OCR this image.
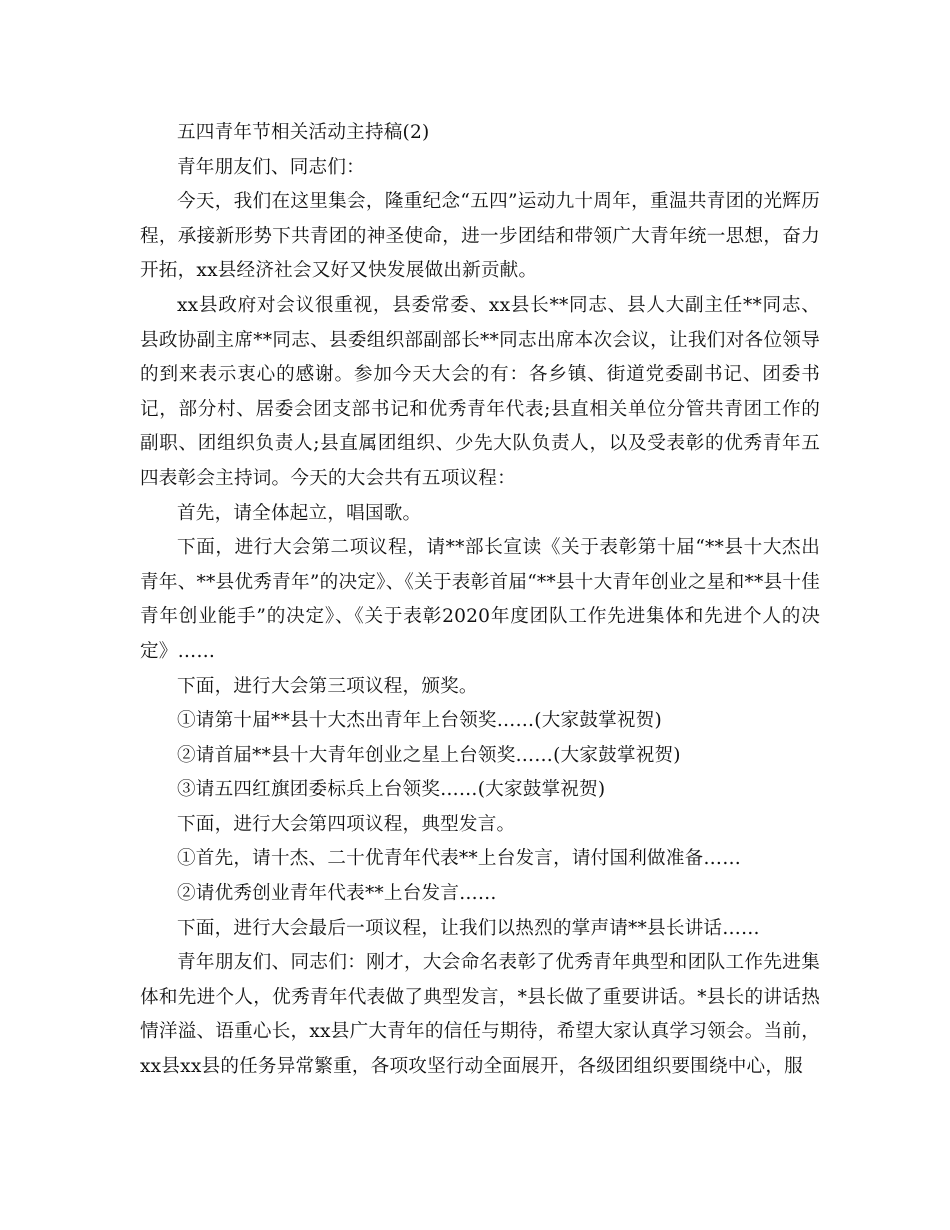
五四青年节相关活动主持稿(2)

青年朋友们、同志们：

今天，我们在这里集会，隆重纪念“五四”运动九十周年，重温共青团的光辉历程，承接新形势下共青团的神圣使命，进一步团结和带领广大青年统一思想，奋力开拓，xx县经济社会又好又快发展做出新贡献。

xx县政府对会议很重视，县委常委、xx县长**同志、县人大副主任**同志、县政协副主席**同志、县委组织部副部长**同志出席本次会议，让我们对各位领导的到来表示衷心的感谢。参加今天大会的有：各乡镇、街道党委副书记、团委书记，部分村、居委会团支部书记和优秀青年代表;县直相关单位分管共青团工作的副职、团组织负责人;县直属团组织、少先大队负责人，以及受表彰的优秀青年五四表彰会主持词。今天的大会共有五项议程：

首先，请全体起立，唱国歌。

下面，进行大会第二项议程，请**部长宣读《关于表彰第十届“**县十大杰出青年、**县优秀青年”的决定》、《关于表彰首届“**县十大青年创业之星和**县十佳青年创业能手”的决定》、《关于表彰2020年度团队工作先进集体和先进个人的决定》……

下面，进行大会第三项议程，颁奖。

①请第十届**县十大杰出青年上台领奖……(大家鼓掌祝贺)

②请首届**县十大青年创业之星上台领奖……(大家鼓掌祝贺)

③请五四红旗团委标兵上台领奖……(大家鼓掌祝贺)

下面，进行大会第四项议程，典型发言。

①首先，请十杰、二十优青年代表**上台发言，请付国利做准备……

②请优秀创业青年代表**上台发言……

下面，进行大会最后一项议程，让我们以热烈的掌声请**县长讲话……

青年朋友们、同志们：刚才，大会命名表彰了优秀青年典型和团队工作先进集体和先进个人，优秀青年代表做了典型发言，*县长做了重要讲话。*县长的讲话热情洋溢、语重心长，xx县广大青年的信任与期待，希望大家认真学习领会。当前，xx县xx县的任务异常繁重，各项攻坚行动全面展开，各级团组织要围绕中心，服
